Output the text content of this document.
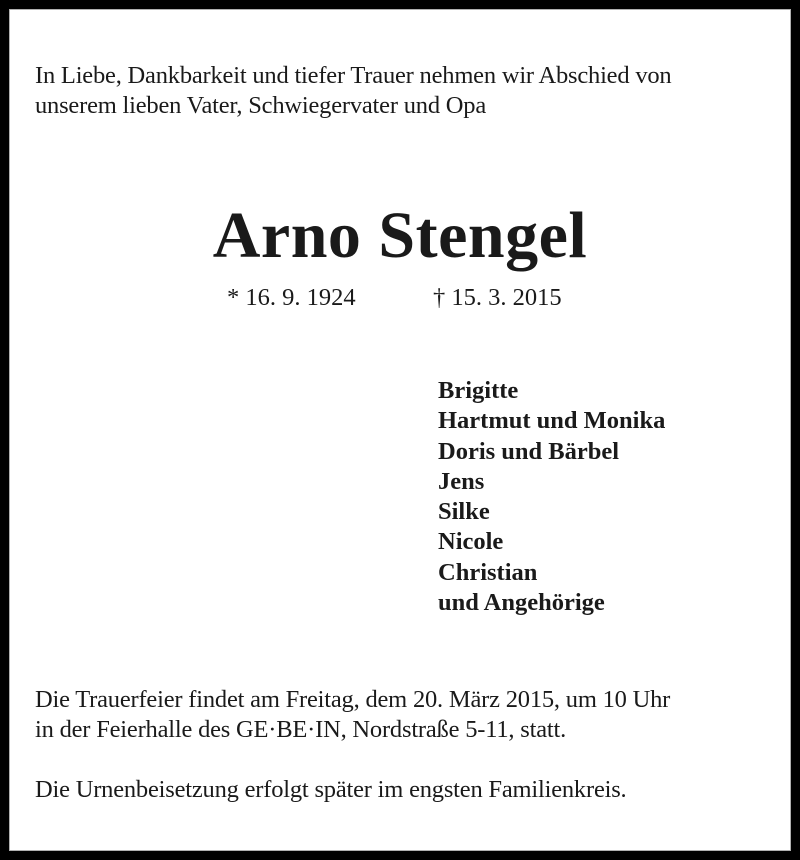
In Liebe, Dankbarkeit und tiefer Trauer nehmen wir Abschied von
unserem lieben Vater, Schwiegervater und Opa
Arno Stengel
* 16. 9. 1924	† 15. 3. 2015
Brigitte
Hartmut und Monika
Doris und Bärbel
Jens
Silke
Nicole
Christian
und Angehörige
Die Trauerfeier findet am Freitag, dem 20. März 2015, um 10 Uhr
in der Feierhalle des GE·BE·IN, Nordstraße 5-11, statt.
Die Urnenbeisetzung erfolgt später im engsten Familienkreis.
